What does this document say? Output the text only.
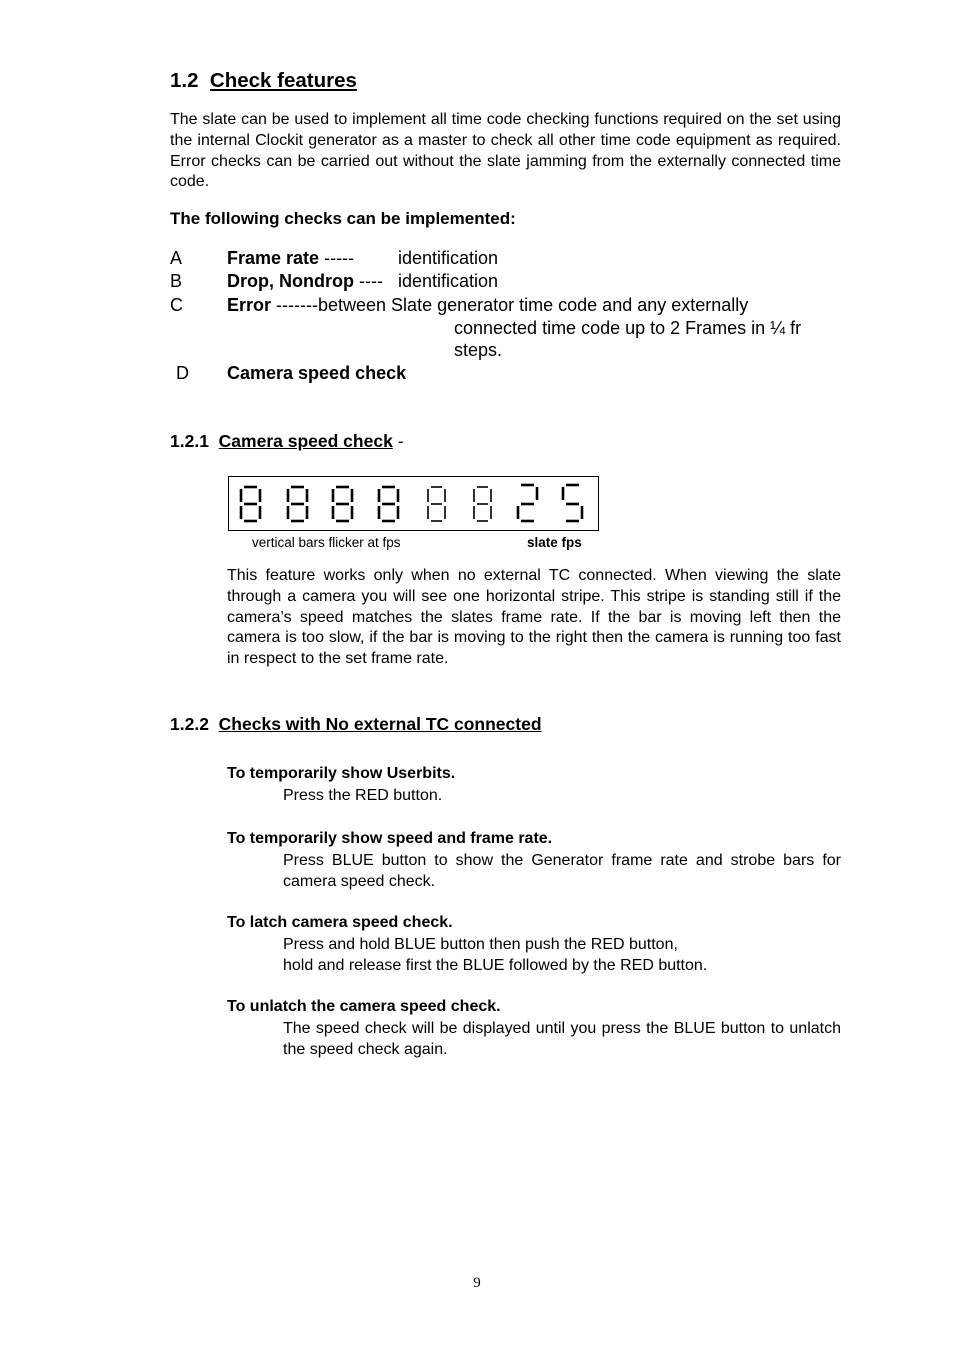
1.2 Check features
The slate can be used to implement all time code checking functions required on the set using the internal Clockit generator as a master to check all other time code equipment as required. Error checks can be carried out without the slate jamming from the externally connected time code.
The following checks can be implemented:
A Frame rate ----- identification
B Drop, Nondrop ---- identification
C Error -------between Slate generator time code and any externally
connected time code up to 2 Frames in ¼ fr
steps.
D Camera speed check
1.2.1 Camera speed check -
vertical bars flicker at fps	slate fps
This feature works only when no external TC connected. When viewing the slate through a camera you will see one horizontal stripe. This stripe is standing still if the camera’s speed matches the slates frame rate. If the bar is moving left then the camera is too slow, if the bar is moving to the right then the camera is running too fast in respect to the set frame rate.
1.2.2 Checks with No external TC connected
To temporarily show Userbits.
Press the RED button.
To temporarily show speed and frame rate.
Press BLUE button to show the Generator frame rate and strobe bars for camera speed check.
To latch camera speed check.
Press and hold BLUE button then push the RED button,
hold and release first the BLUE followed by the RED button.
To unlatch the camera speed check.
The speed check will be displayed until you press the BLUE button to unlatch the speed check again.
9
